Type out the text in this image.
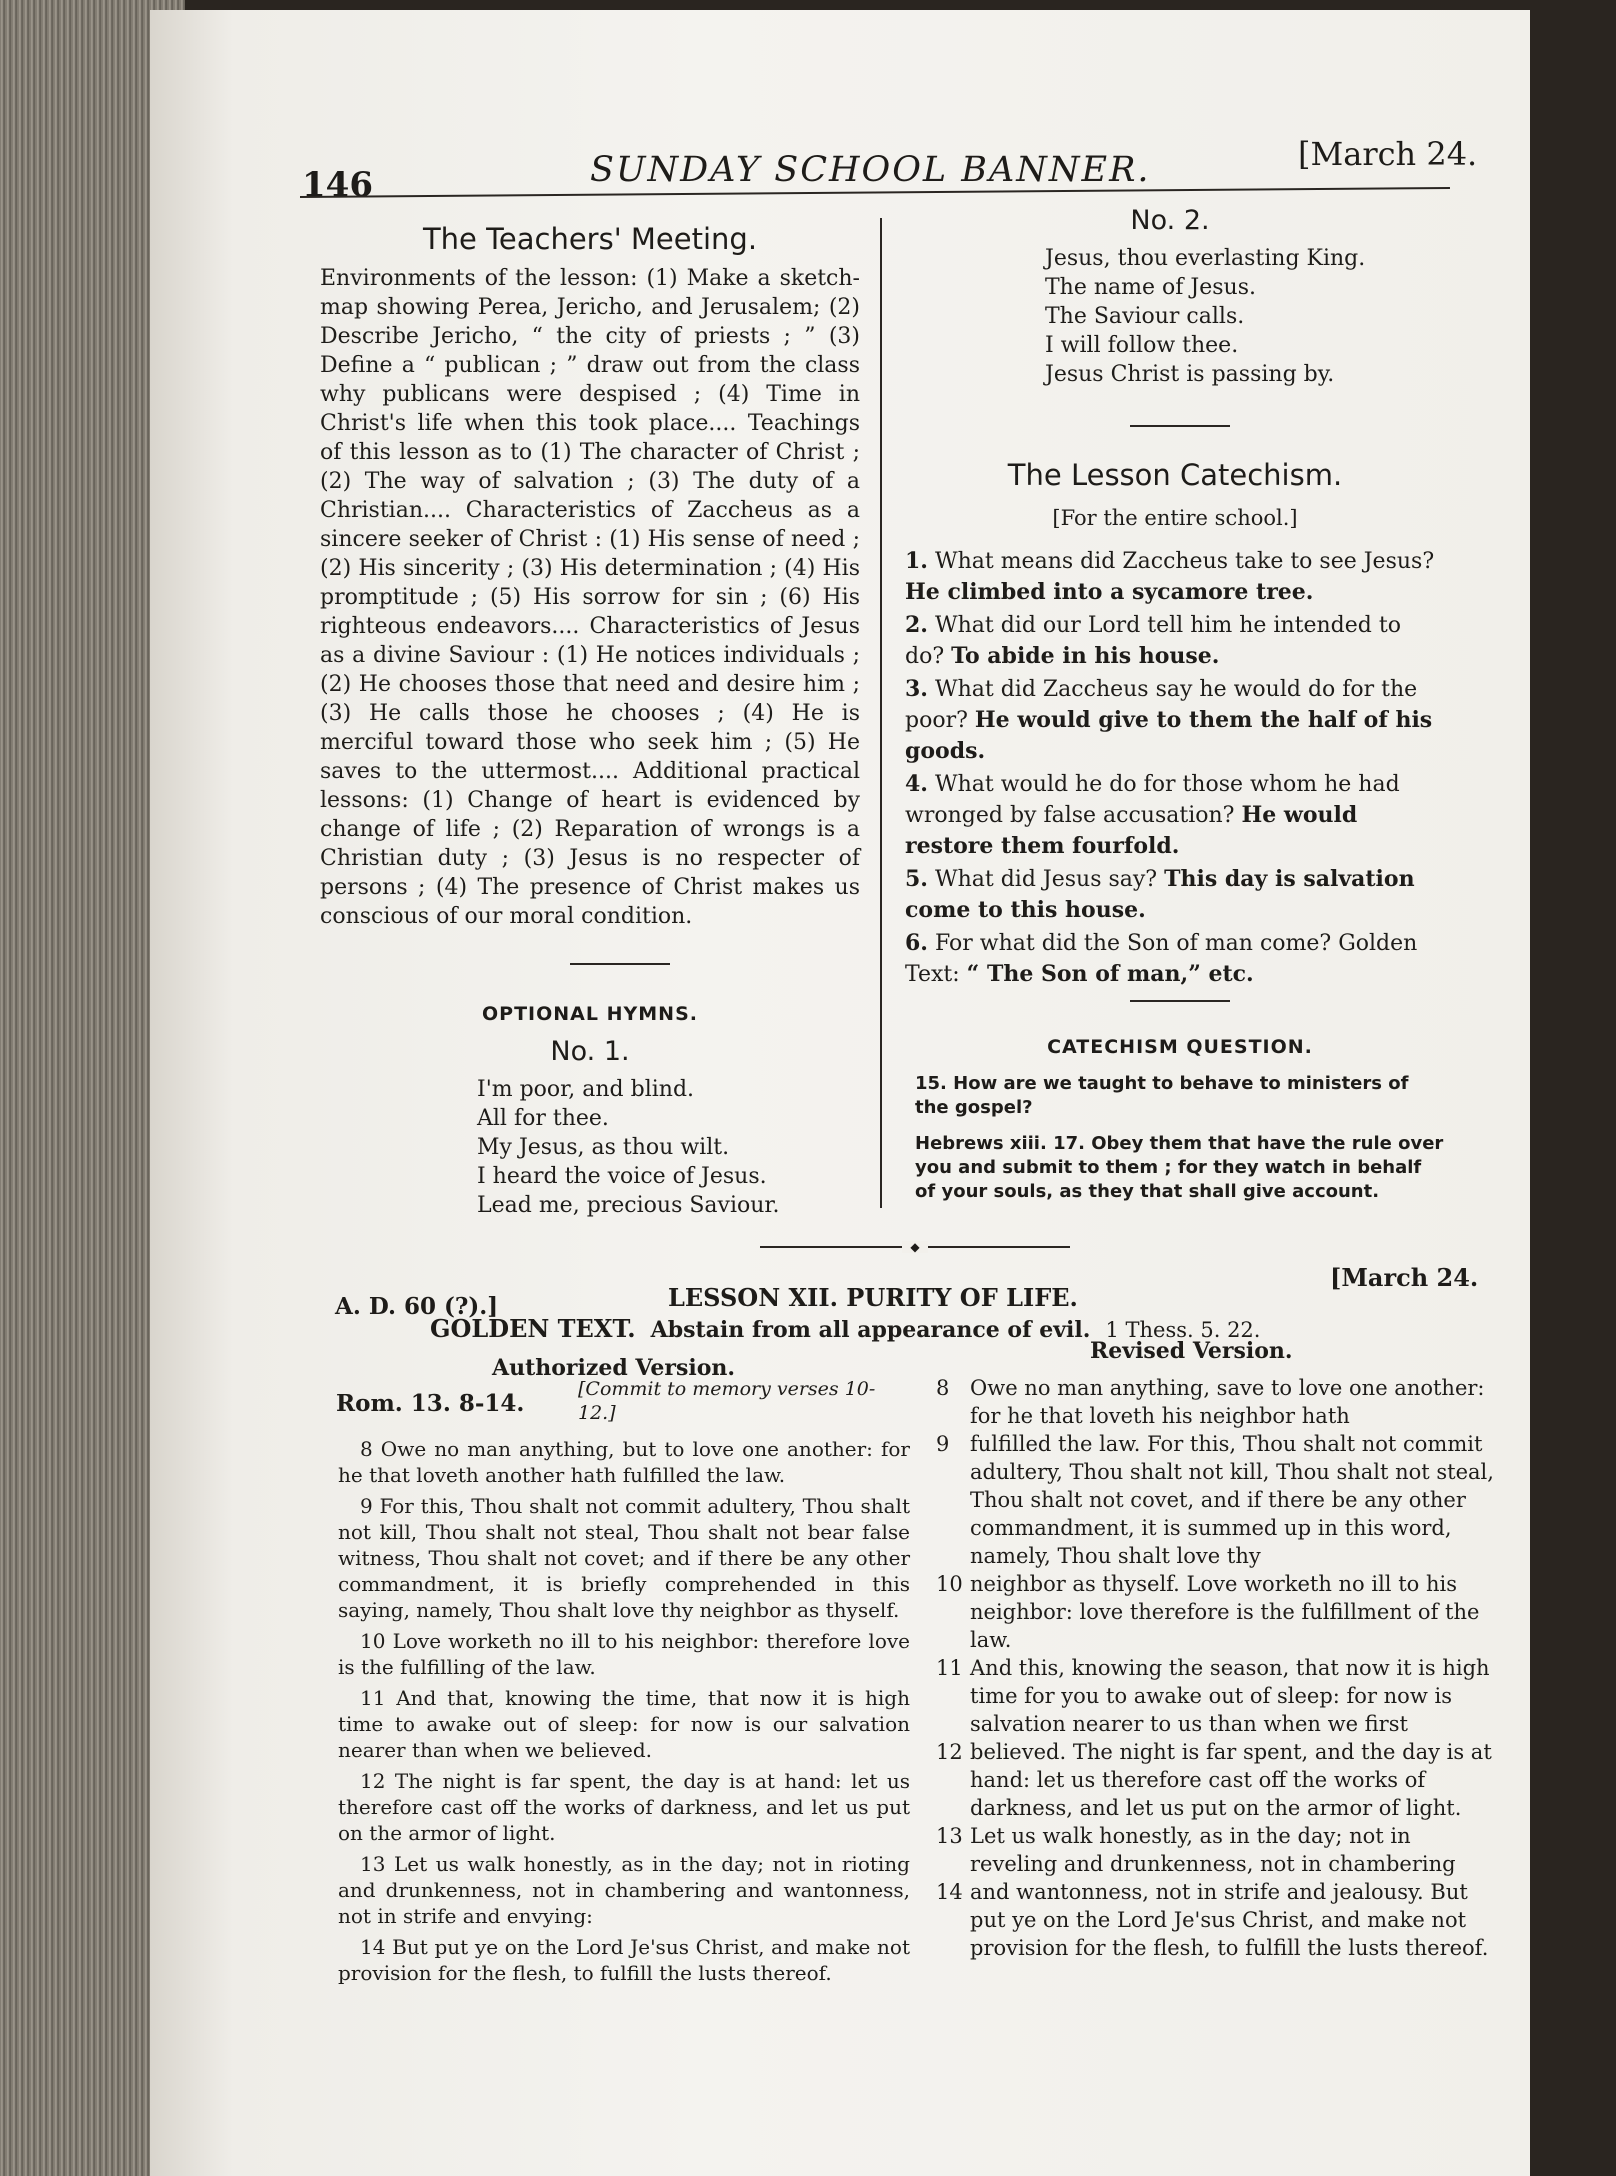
146	SUNDAY SCHOOL BANNER.	[March 24.
The Teachers' Meeting.
Environments of the lesson: (1) Make a sketch-map showing Perea, Jericho, and Jerusalem; (2) Describe Jericho, “ the city of priests ; ” (3) Define a “ publican ; ” draw out from the class why publicans were despised ; (4) Time in Christ's life when this took place.... Teachings of this lesson as to (1) The character of Christ ; (2) The way of salvation ; (3) The duty of a Christian.... Characteristics of Zaccheus as a sincere seeker of Christ : (1) His sense of need ; (2) His sincerity ; (3) His determination ; (4) His promptitude ; (5) His sorrow for sin ; (6) His righteous endeavors.... Characteristics of Jesus as a divine Saviour : (1) He notices individuals ; (2) He chooses those that need and desire him ; (3) He calls those he chooses ; (4) He is merciful toward those who seek him ; (5) He saves to the uttermost.... Additional practical lessons: (1) Change of heart is evidenced by change of life ; (2) Reparation of wrongs is a Christian duty ; (3) Jesus is no respecter of persons ; (4) The presence of Christ makes us conscious of our moral condition.
OPTIONAL HYMNS.
No. 1.
I'm poor, and blind.
All for thee.
My Jesus, as thou wilt.
I heard the voice of Jesus.
Lead me, precious Saviour.
No. 2.
Jesus, thou everlasting King.
The name of Jesus.
The Saviour calls.
I will follow thee.
Jesus Christ is passing by.
The Lesson Catechism.
[For the entire school.]
1. What means did Zaccheus take to see Jesus? He climbed into a sycamore tree.
2. What did our Lord tell him he intended to do? To abide in his house.
3. What did Zaccheus say he would do for the poor? He would give to them the half of his goods.
4. What would he do for those whom he had wronged by false accusation? He would restore them fourfold.
5. What did Jesus say? This day is salvation come to this house.
6. For what did the Son of man come? Golden Text: “ The Son of man,” etc.
CATECHISM QUESTION.
15. How are we taught to behave to ministers of the gospel?
Hebrews xiii. 17. Obey them that have the rule over you and submit to them ; for they watch in behalf of your souls, as they that shall give account.
◆
A. D. 60 (?).]	LESSON XII. PURITY OF LIFE.
[March 24.
GOLDEN TEXT. Abstain from all appearance of evil. 1 Thess. 5. 22.
Authorized Version.
Revised Version.
Rom. 13. 8-14.
[Commit to memory verses 10-12.]

8 Owe no man anything, but to love one another: for he that loveth another hath fulfilled the law.

9 For this, Thou shalt not commit adultery, Thou shalt not kill, Thou shalt not steal, Thou shalt not bear false witness, Thou shalt not covet; and if there be any other commandment, it is briefly comprehended in this saying, namely, Thou shalt love thy neighbor as thyself.

10 Love worketh no ill to his neighbor: therefore love is the fulfilling of the law.

11 And that, knowing the time, that now it is high time to awake out of sleep: for now is our salvation nearer than when we believed.

12 The night is far spent, the day is at hand: let us therefore cast off the works of darkness, and let us put on the armor of light.

13 Let us walk honestly, as in the day; not in rioting and drunkenness, not in chambering and wantonness, not in strife and envying:

14 But put ye on the Lord Je'sus Christ, and make not provision for the flesh, to fulfill the lusts thereof.

8 Owe no man anything, save to love one another: for he that loveth his neighbor hath
9 fulfilled the law. For this, Thou shalt not commit adultery, Thou shalt not kill, Thou shalt not steal, Thou shalt not covet, and if there be any other commandment, it is summed up in this word, namely, Thou shalt love thy
10 neighbor as thyself. Love worketh no ill to his neighbor: love therefore is the fulfillment of the law.
11 And this, knowing the season, that now it is high time for you to awake out of sleep: for now is salvation nearer to us than when we first
12 believed. The night is far spent, and the day is at hand: let us therefore cast off the works of darkness, and let us put on the armor of light.
13 Let us walk honestly, as in the day; not in reveling and drunkenness, not in chambering
14 and wantonness, not in strife and jealousy. But put ye on the Lord Je'sus Christ, and make not provision for the flesh, to fulfill the lusts thereof.
